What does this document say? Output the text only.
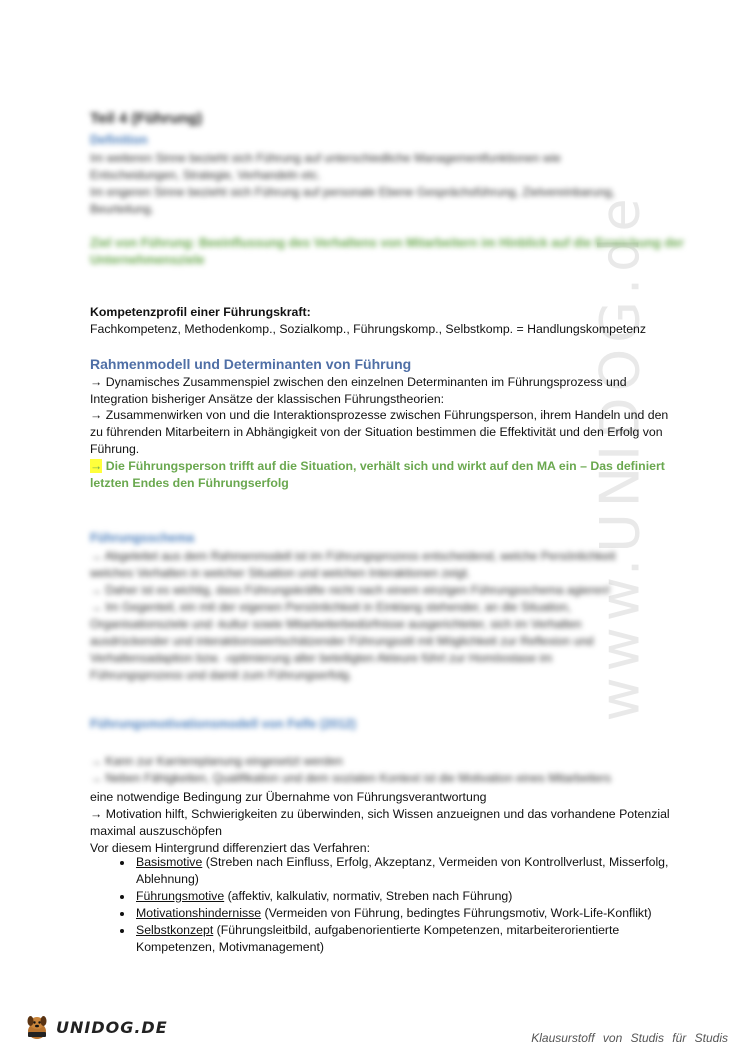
www.UNIDOG.de
Teil 4 (Führung)
Definition
Im weiteren Sinne bezieht sich Führung auf unterschiedliche Managementfunktionen wie
Entscheidungen, Strategie, Verhandeln etc.
Im engeren Sinne bezieht sich Führung auf personale Ebene Gesprächsführung, Zielvereinbarung,
Beurteilung.
Ziel von Führung: Beeinflussung des Verhaltens von Mitarbeitern im Hinblick auf die Erreichung der
Unternehmensziele
Kompetenzprofil einer Führungskraft:
Fachkompetenz, Methodenkomp., Sozialkomp., Führungskomp., Selbstkomp. = Handlungskompetenz
Rahmenmodell und Determinanten von Führung
→ Dynamisches Zusammenspiel zwischen den einzelnen Determinanten im Führungsprozess und Integration bisheriger Ansätze der klassischen Führungstheorien:
→ Zusammenwirken von und die Interaktionsprozesse zwischen Führungsperson, ihrem Handeln und den zu führenden Mitarbeitern in Abhängigkeit von der Situation bestimmen die Effektivität und den Erfolg von Führung.
→ Die Führungsperson trifft auf die Situation, verhält sich und wirkt auf den MA ein – Das definiert letzten Endes den Führungserfolg
Führungsschema
→ Abgeleitet aus dem Rahmenmodell ist im Führungsprozess entscheidend, welche Persönlichkeit
welches Verhalten in welcher Situation und welchen Interaktionen zeigt.
→ Daher ist es wichtig, dass Führungskräfte nicht nach einem einzigen Führungsschema agieren!
→ Im Gegenteil, ein mit der eigenen Persönlichkeit in Einklang stehender, an die Situation,
Organisationsziele und -kultur sowie Mitarbeiterbedürfnisse ausgerichteter, sich im Verhalten
ausdrückender und interaktionswertschätzender Führungsstil mit Möglichkeit zur Reflexion und
Verhaltensadaption bzw. -optimierung aller beteiligten Akteure führt zur Homöostase im
Führungsprozess und damit zum Führungserfolg.
Führungsmotivationsmodell von Felfe (2012)
→ Kann zur Karriereplanung eingesetzt werden
→ Neben Fähigkeiten, Qualifikation und dem sozialen Kontext ist die Motivation eines Mitarbeiters
eine notwendige Bedingung zur Übernahme von Führungsverantwortung
→ Motivation hilft, Schwierigkeiten zu überwinden, sich Wissen anzueignen und das vorhandene Potenzial maximal auszuschöpfen
Vor diesem Hintergrund differenziert das Verfahren:
• Basismotive (Streben nach Einfluss, Erfolg, Akzeptanz, Vermeiden von Kontrollverlust, Misserfolg, Ablehnung)
• Führungsmotive (affektiv, kalkulativ, normativ, Streben nach Führung)
• Motivationshindernisse (Vermeiden von Führung, bedingtes Führungsmotiv, Work-Life-Konflikt)
• Selbstkonzept (Führungsleitbild, aufgabenorientierte Kompetenzen, mitarbeiterorientierte Kompetenzen, Motivmanagement)
UNIDOG.DE
Klausurstoff von Studis für Studis
